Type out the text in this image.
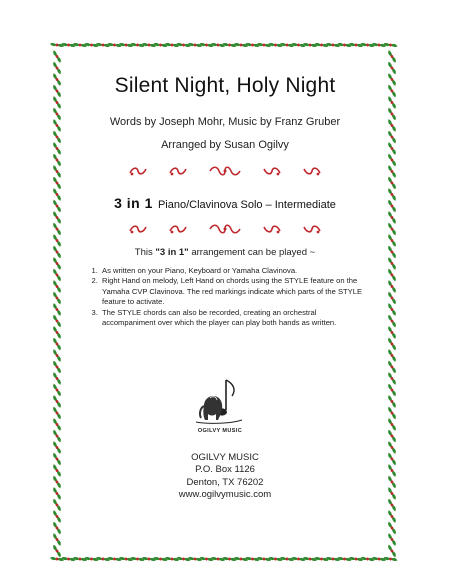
Silent Night, Holy Night
Words by Joseph Mohr, Music by Franz Gruber
Arranged by Susan Ogilvy
3 in 1 Piano/Clavinova Solo – Intermediate
This "3 in 1" arrangement can be played ~
1. As written on your Piano, Keyboard or Yamaha Clavinova.
2. Right Hand on melody, Left Hand on chords using the STYLE feature on the Yamaha CVP Clavinova. The red markings indicate which parts of the STYLE feature to activate.
3. The STYLE chords can also be recorded, creating an orchestral accompaniment over which the player can play both hands as written.
OGILVY MUSIC
OGILVY MUSIC
P.O. Box 1126
Denton, TX 76202
www.ogilvymusic.com
